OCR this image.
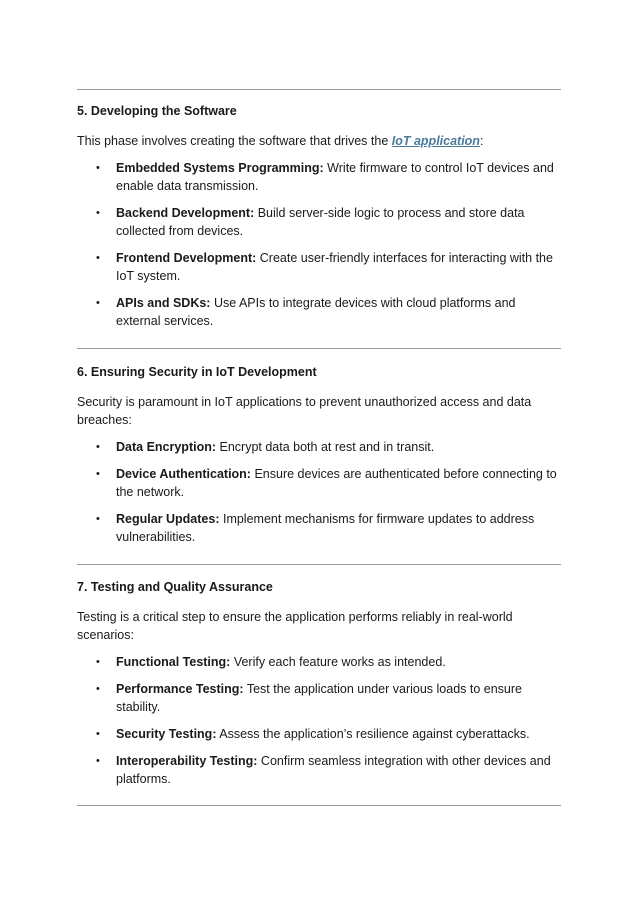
5. Developing the Software

This phase involves creating the software that drives the IoT application:

• Embedded Systems Programming: Write firmware to control IoT devices and enable data transmission.
• Backend Development: Build server-side logic to process and store data collected from devices.
• Frontend Development: Create user-friendly interfaces for interacting with the IoT system.
• APIs and SDKs: Use APIs to integrate devices with cloud platforms and external services.
6. Ensuring Security in IoT Development

Security is paramount in IoT applications to prevent unauthorized access and data breaches:

• Data Encryption: Encrypt data both at rest and in transit.
• Device Authentication: Ensure devices are authenticated before connecting to the network.
• Regular Updates: Implement mechanisms for firmware updates to address vulnerabilities.
7. Testing and Quality Assurance

Testing is a critical step to ensure the application performs reliably in real-world scenarios:

• Functional Testing: Verify each feature works as intended.
• Performance Testing: Test the application under various loads to ensure stability.
• Security Testing: Assess the application’s resilience against cyberattacks.
• Interoperability Testing: Confirm seamless integration with other devices and platforms.
